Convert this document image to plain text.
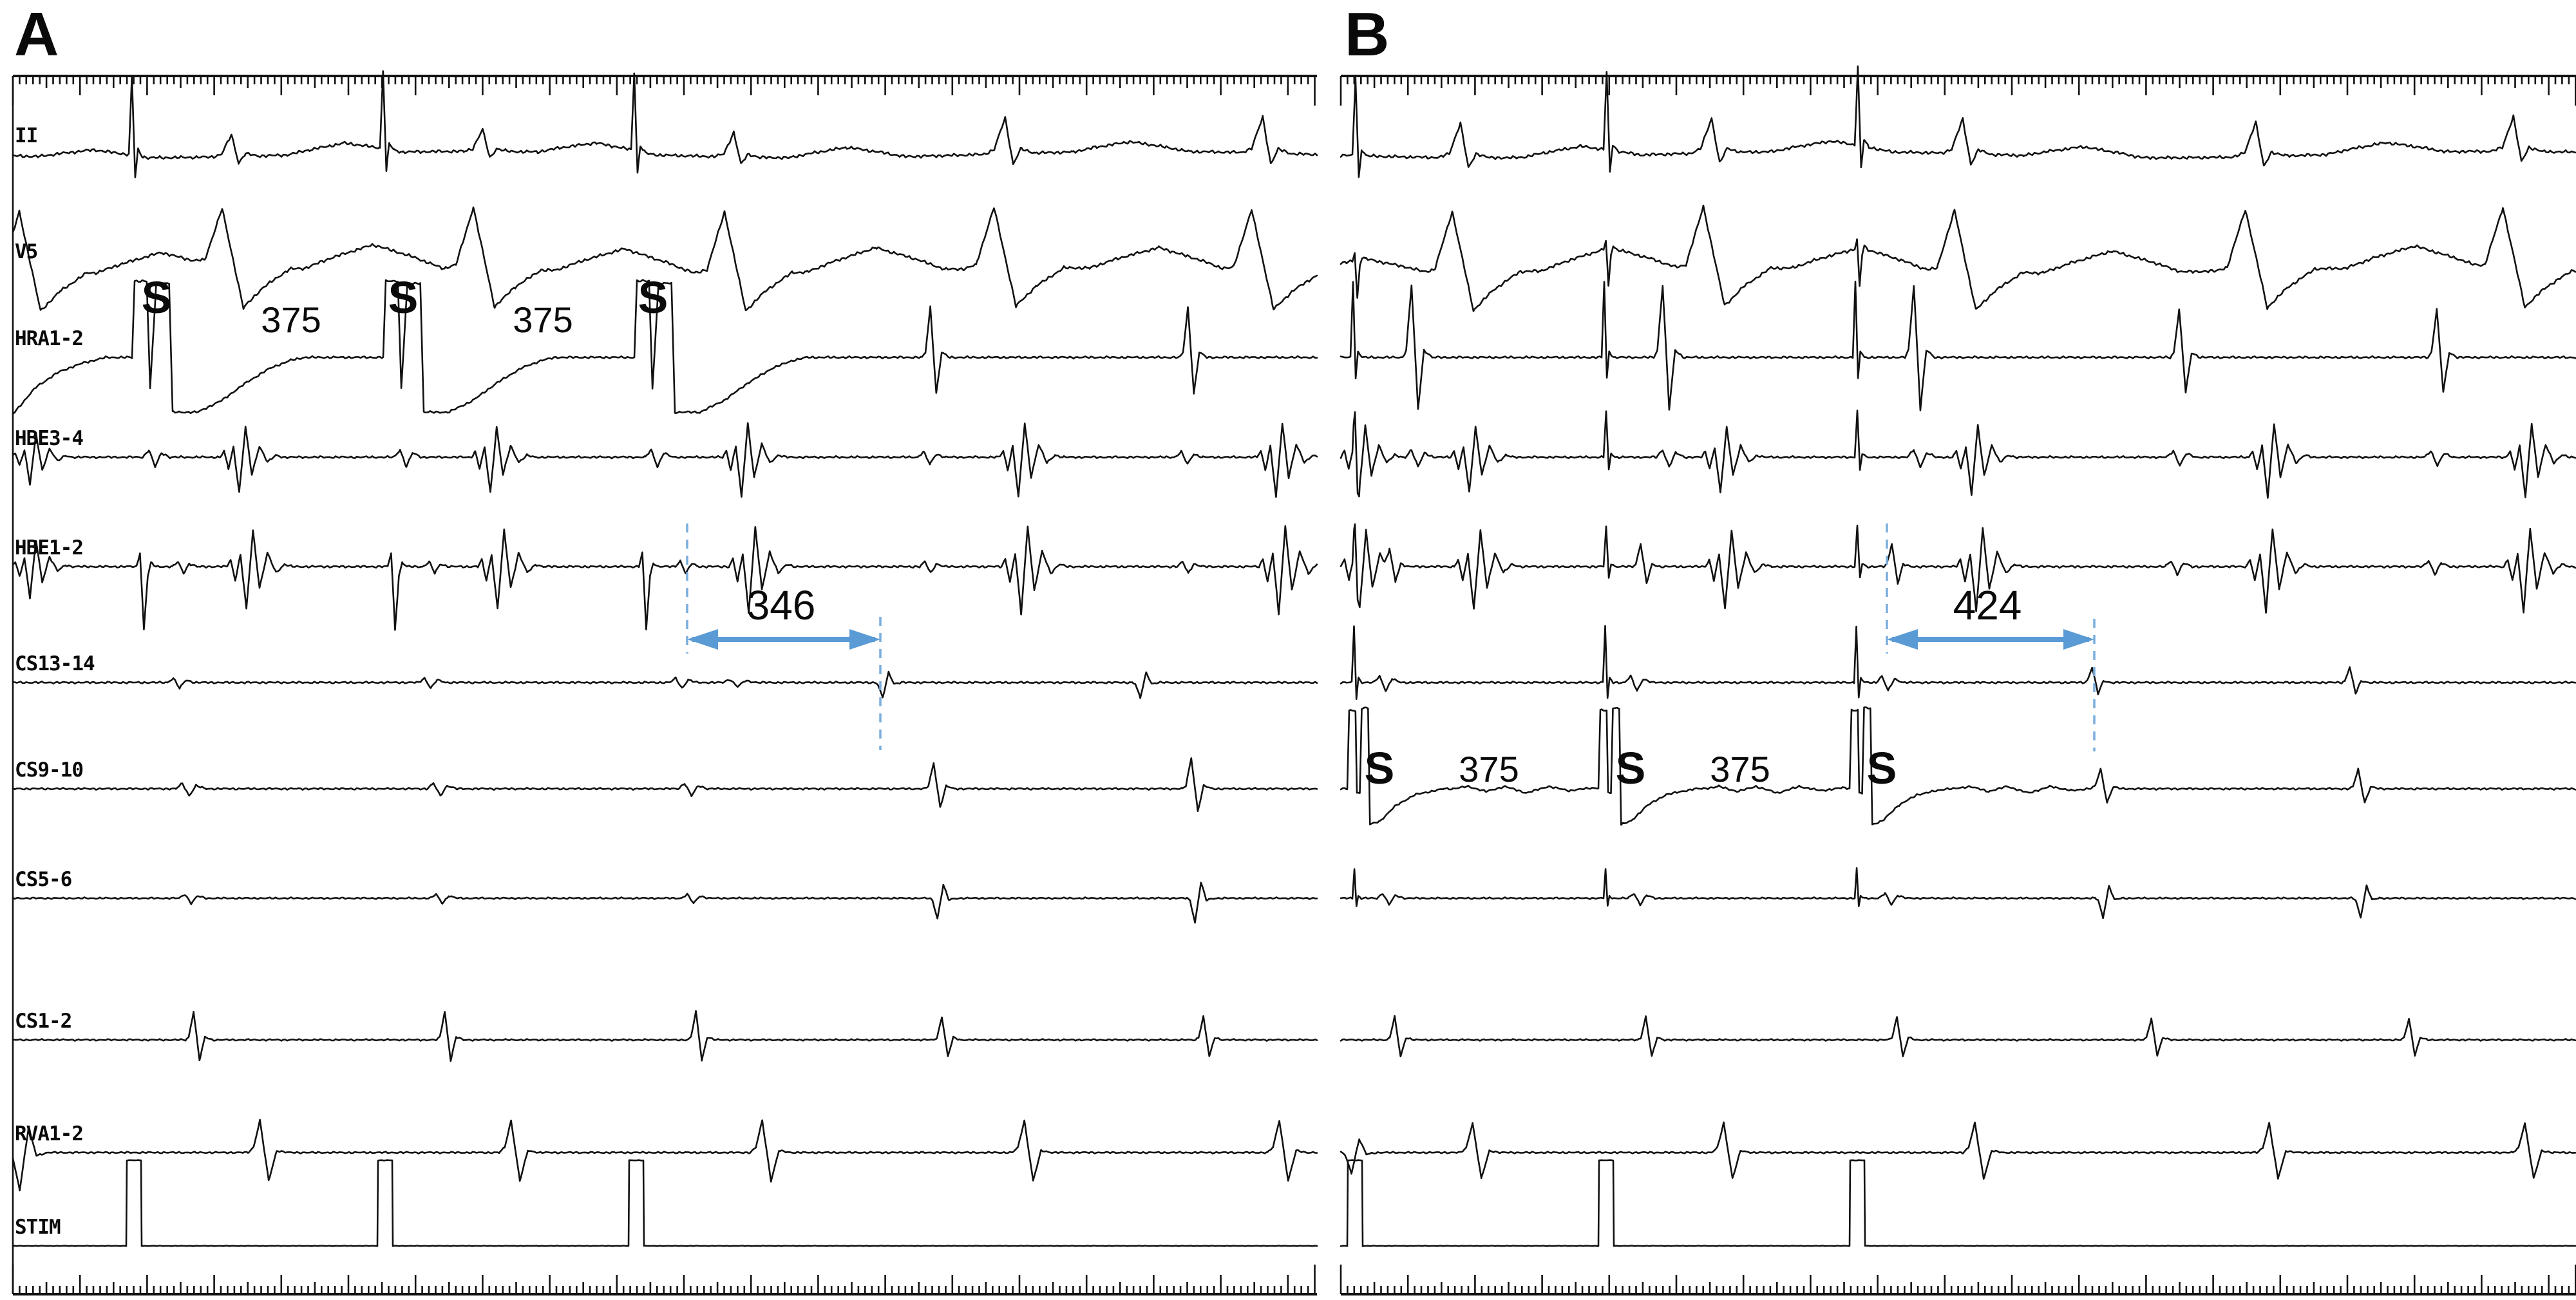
A	B
346	424
II
V5
HRA1-2
HBE3-4
HBE1-2
CS13-14
CS9-10
CS5-6
CS1-2
RVA1-2
STIM
S	S	S
375	375
S	S	S
375	375
